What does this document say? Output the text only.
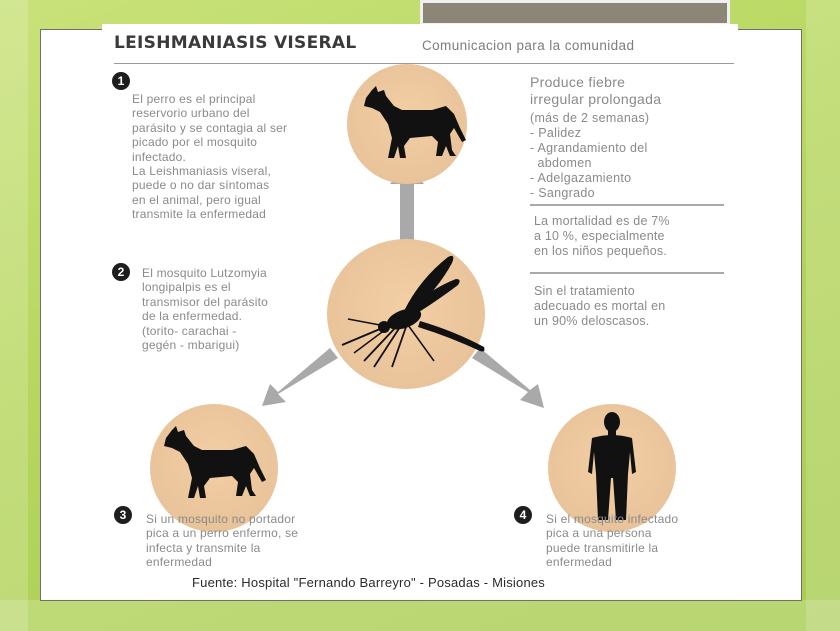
LEISHMANIASIS VISERAL	Comunicacion para la comunidad
1
2
3	4
El perro es el principal
reservorio urbano del
parásito y se contagia al ser
picado por el mosquito
infectado.
La Leishmaniasis viseral,
puede o no dar síntomas
en el animal, pero igual
transmite la enfermedad
El mosquito Lutzomyia
longipalpis es el
transmisor del parásito
de la enfermedad.
(torito- carachai -
gegén - mbarigui)
Si un mosquito no portador
pica a un perro enfermo, se
infecta y transmite la
enfermedad
Si el mosquito infectado
pica a una persona
puede transmitirle la
enfermedad
Produce fiebre
irregular prolongada
(más de 2 semanas)
- Palidez
- Agrandamiento del
abdomen
- Adelgazamiento
- Sangrado
La mortalidad es de 7%
a 10 %, especialmente
en los niños pequeños.
Sin el tratamiento
adecuado es mortal en
un 90% deloscasos.
Fuente: Hospital "Fernando Barreyro" - Posadas - Misiones
